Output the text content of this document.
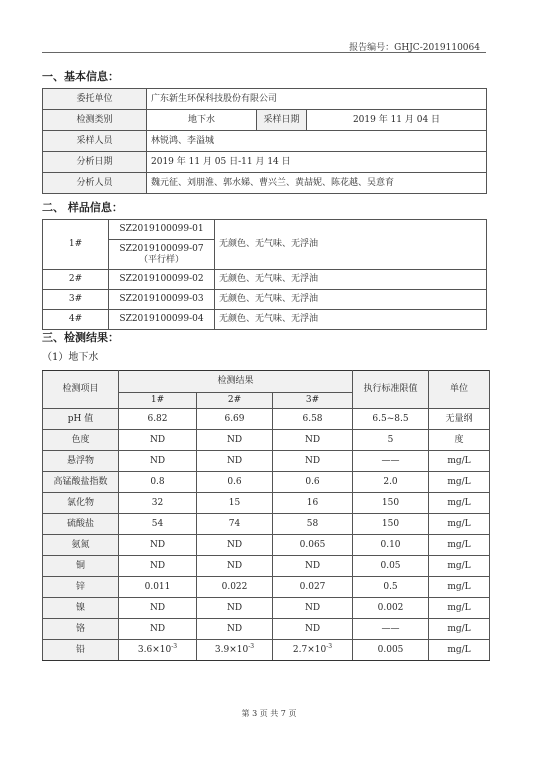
报告编号：GHJC-2019110064
一、基本信息：
委托单位	广东新生环保科技股份有限公司		
检测类别	地下水	采样日期	2019 年 11 月 04 日
采样人员	林锐鸿、李溢城		
分析日期	2019 年 11 月 05 日-11 月 14 日		
分析人员	魏元征、刘朋淮、郭水娣、曹兴兰、黄喆妮、陈花越、吴意育		
二、 样品信息：
1#	SZ2019100099-01	无颜色、无气味、无浮油

	SZ2019100099-07
（平行样）	

2#	SZ2019100099-02	无颜色、无气味、无浮油
3#	SZ2019100099-03	无颜色、无气味、无浮油
4#	SZ2019100099-04	无颜色、无气味、无浮油
三、检测结果：
（1）地下水
检测项目	检测结果			执行标准限值	单位
	1#	2#	3#		
pH 值	6.82	6.69	6.58	6.5~8.5	无量纲
色度	ND	ND	ND	5	度
悬浮物	ND	ND	ND	——	mg/L
高锰酸盐指数	0.8	0.6	0.6	2.0	mg/L
氯化物	32	15	16	150	mg/L
硫酸盐	54	74	58	150	mg/L
氨氮	ND	ND	0.065	0.10	mg/L
铜	ND	ND	ND	0.05	mg/L
锌	0.011	0.022	0.027	0.5	mg/L
镍	ND	ND	ND	0.002	mg/L
铬	ND	ND	ND	——	mg/L
铅	$3.6\times 10^{-3}$	$3.9\times 10^{-3}$	$2.7\times 10^{-3}$	0.005	mg/L
第 3 页 共 7 页
